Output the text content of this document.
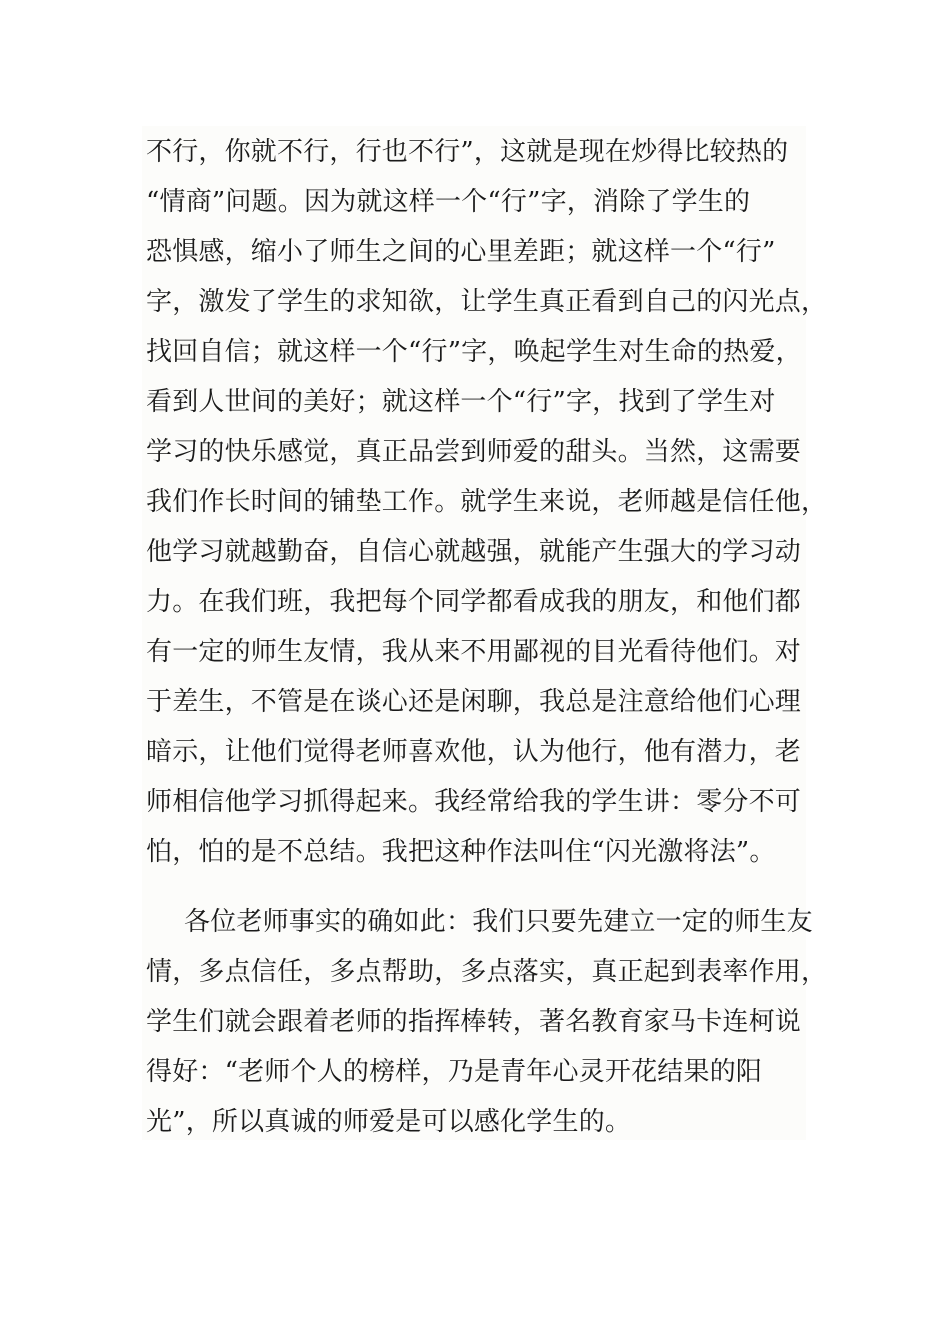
不行，你就不行，行也不行”，这就是现在炒得比较热的
“情商”问题。因为就这样一个“行”字，消除了学生的
恐惧感，缩小了师生之间的心里差距；就这样一个“行”
字，激发了学生的求知欲，让学生真正看到自己的闪光点，
找回自信；就这样一个“行”字，唤起学生对生命的热爱，
看到人世间的美好；就这样一个“行”字，找到了学生对
学习的快乐感觉，真正品尝到师爱的甜头。当然，这需要
我们作长时间的铺垫工作。就学生来说，老师越是信任他，
他学习就越勤奋，自信心就越强，就能产生强大的学习动
力。在我们班，我把每个同学都看成我的朋友，和他们都
有一定的师生友情，我从来不用鄙视的目光看待他们。对
于差生，不管是在谈心还是闲聊，我总是注意给他们心理
暗示，让他们觉得老师喜欢他，认为他行，他有潜力，老
师相信他学习抓得起来。我经常给我的学生讲：零分不可
怕，怕的是不总结。我把这种作法叫住“闪光激将法”。
各位老师事实的确如此：我们只要先建立一定的师生友
情，多点信任，多点帮助，多点落实，真正起到表率作用，
学生们就会跟着老师的指挥棒转，著名教育家马卡连柯说
得好：“老师个人的榜样，乃是青年心灵开花结果的阳
光”，所以真诚的师爱是可以感化学生的。
